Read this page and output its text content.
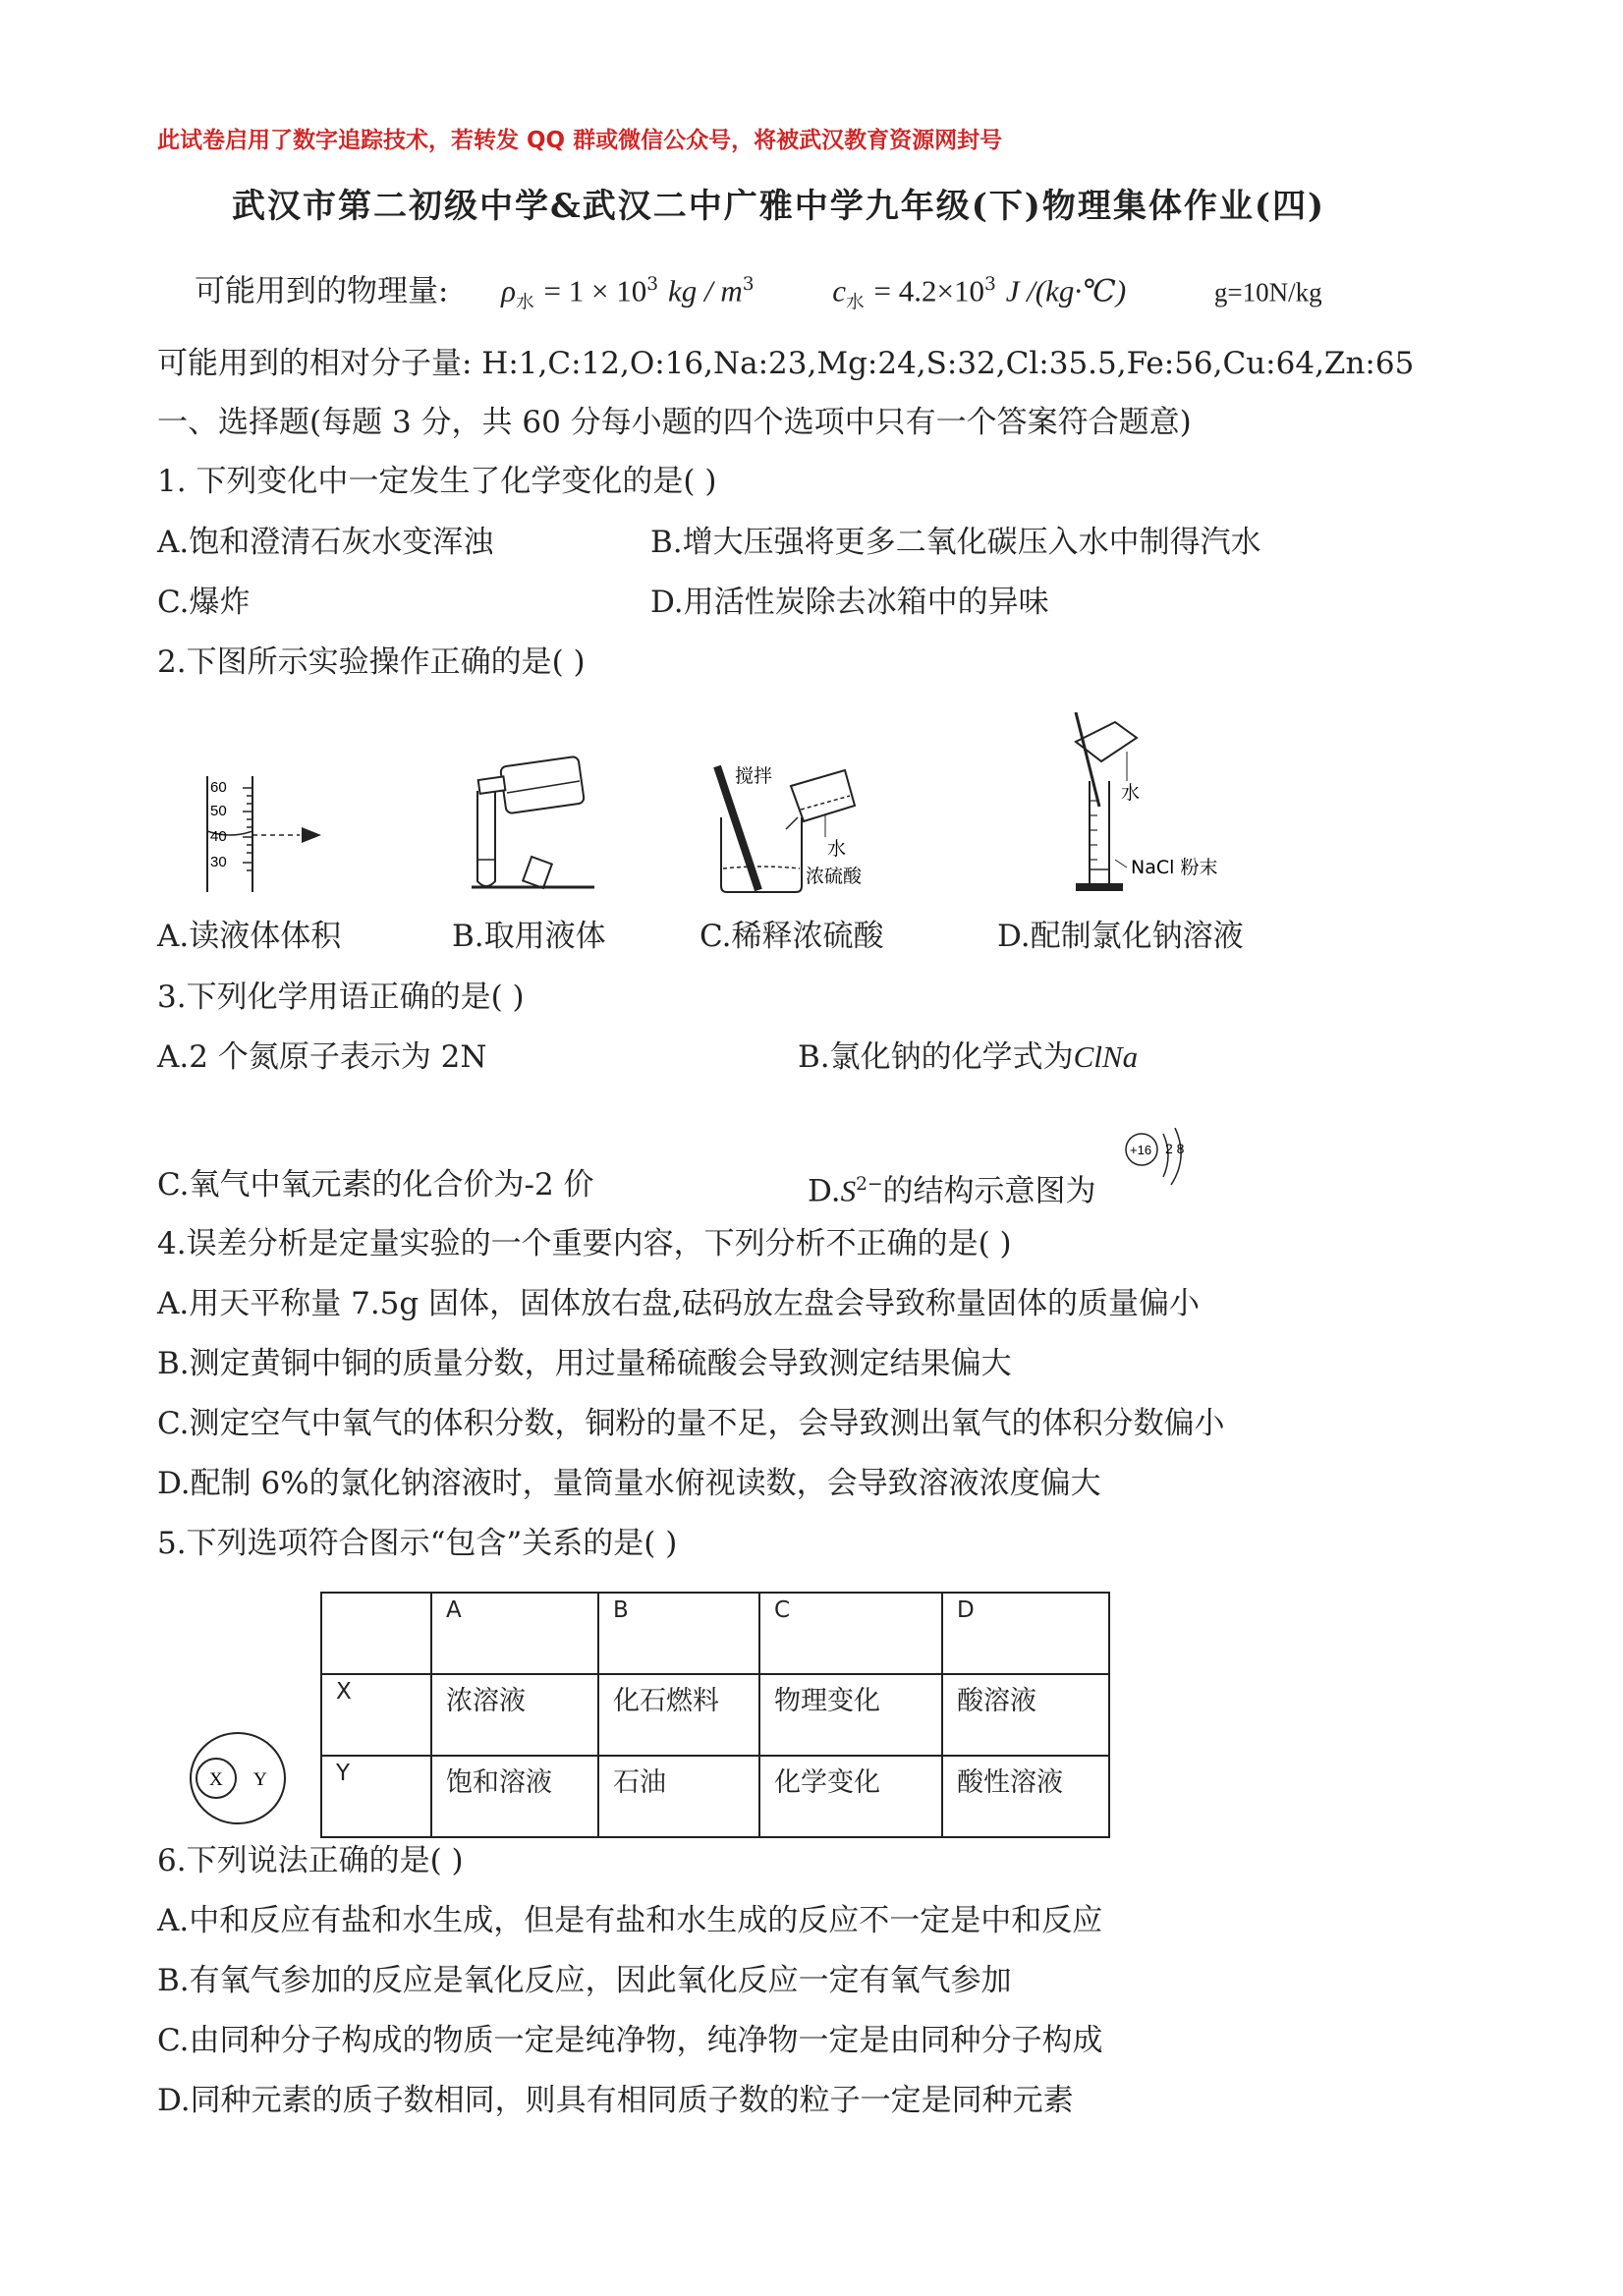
此试卷启用了数字追踪技术，若转发 QQ 群或微信公众号，将被武汉教育资源网封号
武汉市第二初级中学&武汉二中广雅中学九年级(下)物理集体作业(四)
可能用到的物理量: $\rho_水 = 1 \times 10^3$ kg / $m^3$	$c_水 = 4.2\times 10^3$ J /(kg·℃)	g=10N/kg
可能用到的相对分子量: H:1,C:12,O:16,Na:23,Mg:24,S:32,Cl:35.5,Fe:56,Cu:64,Zn:65
一、选择题(每题 3 分，共 60 分每小题的四个选项中只有一个答案符合题意)
1. 下列变化中一定发生了化学变化的是( )
A.饱和澄清石灰水变浑浊	B.增大压强将更多二氧化碳压入水中制得汽水
C.爆炸	D.用活性炭除去冰箱中的异味
2.下图所示实验操作正确的是( )
60
50
40
30
搅拌
水
浓硫酸
水
NaCl 粉末
A.读液体体积	B.取用液体	C.稀释浓硫酸	D.配制氯化钠溶液
3.下列化学用语正确的是( )
A.2 个氮原子表示为 2N	B.氯化钠的化学式为ClNa
C.氧气中氧元素的化合价为-2 价	$D.S^{2-}$的结构示意图为
+16 2 8
4.误差分析是定量实验的一个重要内容，下列分析不正确的是( )
A.用天平称量 7.5g 固体，固体放右盘,砝码放左盘会导致称量固体的质量偏小
B.测定黄铜中铜的质量分数，用过量稀硫酸会导致测定结果偏大
C.测定空气中氧气的体积分数，铜粉的量不足，会导致测出氧气的体积分数偏小
D.配制 6%的氯化钠溶液时，量筒量水俯视读数，会导致溶液浓度偏大
5.下列选项符合图示“包含”关系的是( )
X Y
	A	B	C	D
X	浓溶液	化石燃料	物理变化	酸溶液
Y	饱和溶液	石油	化学变化	酸性溶液
6.下列说法正确的是( )
A.中和反应有盐和水生成，但是有盐和水生成的反应不一定是中和反应
B.有氧气参加的反应是氧化反应，因此氧化反应一定有氧气参加
C.由同种分子构成的物质一定是纯净物，纯净物一定是由同种分子构成
D.同种元素的质子数相同，则具有相同质子数的粒子一定是同种元素
